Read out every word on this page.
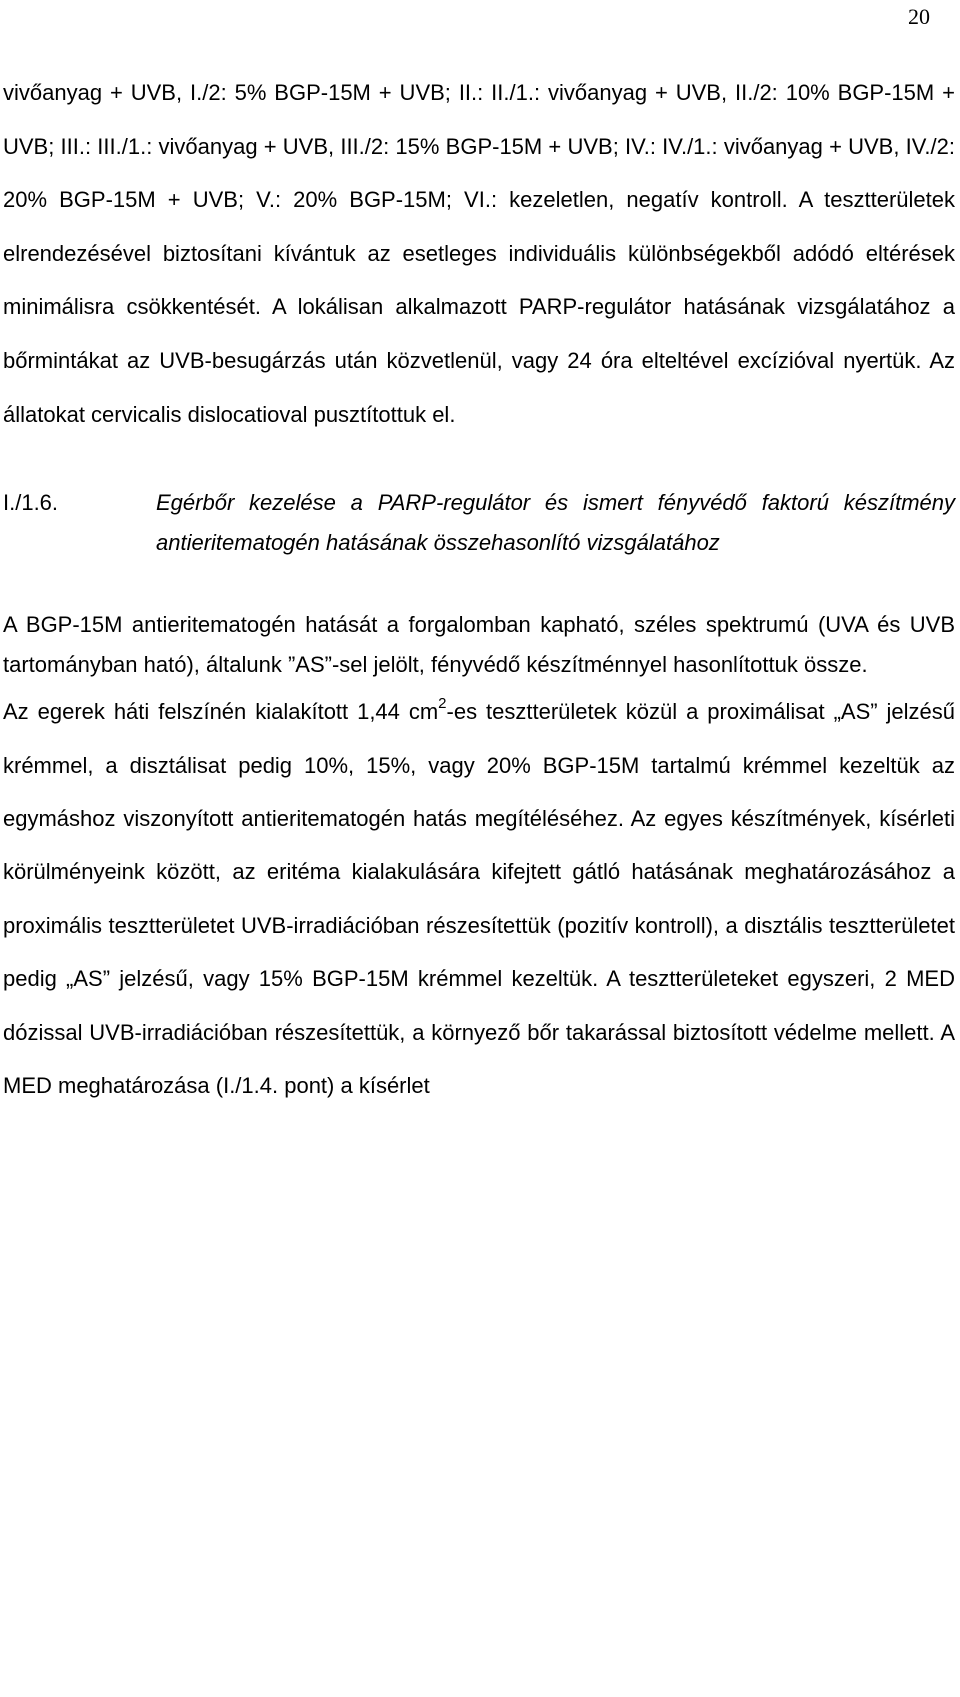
20

vivőanyag + UVB, I./2: 5% BGP-15M + UVB; II.: II./1.: vivőanyag + UVB, II./2: 10% BGP-15M + UVB; III.: III./1.: vivőanyag + UVB, III./2: 15% BGP-15M + UVB; IV.: IV./1.: vivőanyag + UVB, IV./2: 20% BGP-15M + UVB; V.: 20% BGP-15M; VI.: kezeletlen, negatív kontroll. A tesztterületek elrendezésével biztosítani kívántuk az esetleges individuális különbségekből adódó eltérések minimálisra csökkentését. A lokálisan alkalmazott PARP-regulátor hatásának vizsgálatához a bőrmintákat az UVB-besugárzás után közvetlenül, vagy 24 óra elteltével excízióval nyertük. Az állatokat cervicalis dislocatioval pusztítottuk el.

I./1.6.	Egérbőr kezelése a PARP-regulátor és ismert fényvédő faktorú készítmény antieritematogén hatásának összehasonlító vizsgálatához

A BGP-15M antieritematogén hatását a forgalomban kapható, széles spektrumú (UVA és UVB tartományban ható), általunk ”AS”-sel jelölt, fényvédő készítménnyel hasonlítottuk össze.

Az egerek háti felszínén kialakított 1,44 $cm^2-es$ tesztterületek közül a proximálisat „AS” jelzésű krémmel, a disztálisat pedig 10%, 15%, vagy 20% BGP-15M tartalmú krémmel kezeltük az egymáshoz viszonyított antieritematogén hatás megítéléséhez. Az egyes készítmények, kísérleti körülményeink között, az eritéma kialakulására kifejtett gátló hatásának meghatározásához a proximális tesztterületet UVB-irradiációban részesítettük (pozitív kontroll), a disztális tesztterületet pedig „AS” jelzésű, vagy 15% BGP-15M krémmel kezeltük. A tesztterületeket egyszeri, 2 MED dózissal UVB-irradiációban részesítettük, a környező bőr takarással biztosított védelme mellett. A MED meghatározása (I./1.4. pont) a kísérlet
